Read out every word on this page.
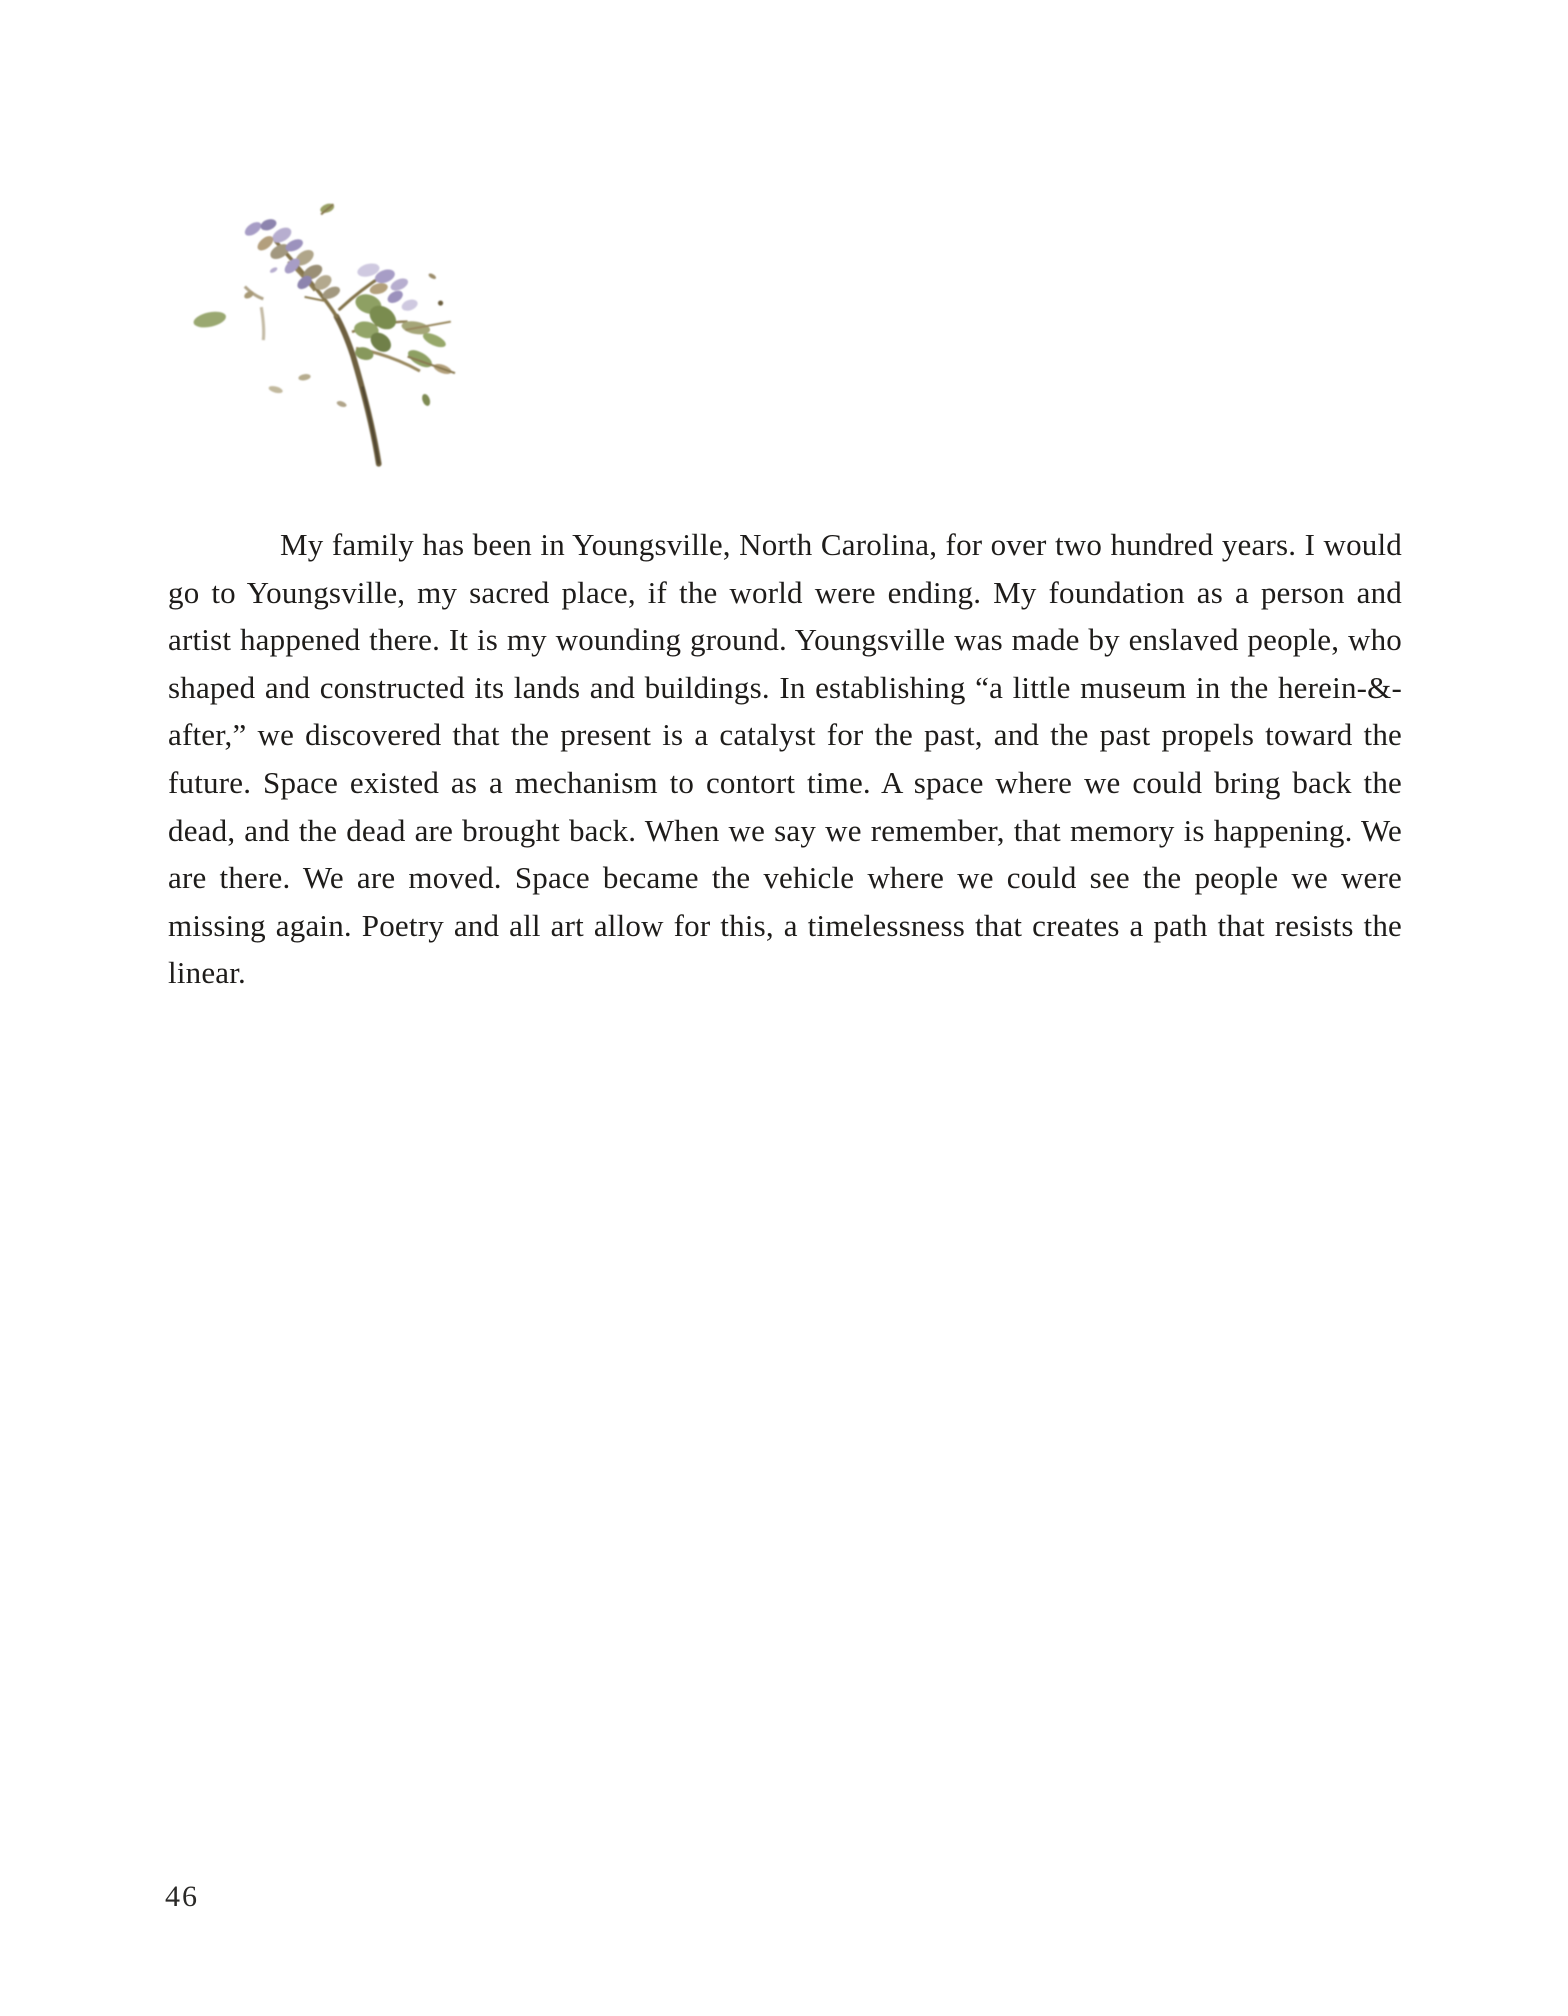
My family has been in Youngsville, North Carolina, for over two hundred years. I would go to Youngsville, my sacred place, if the world were ending. My foundation as a person and artist happened there. It is my wounding ground. Youngsville was made by enslaved people, who shaped and constructed its lands and buildings. In establishing “a little museum in the herein-&-after,” we discovered that the present is a catalyst for the past, and the past propels toward the future. Space existed as a mechanism to contort time. A space where we could bring back the dead, and the dead are brought back. When we say we remember, that memory is happening. We are there. We are moved. Space became the vehicle where we could see the people we were missing again. Poetry and all art allow for this, a timelessness that creates a path that resists the linear.

46
